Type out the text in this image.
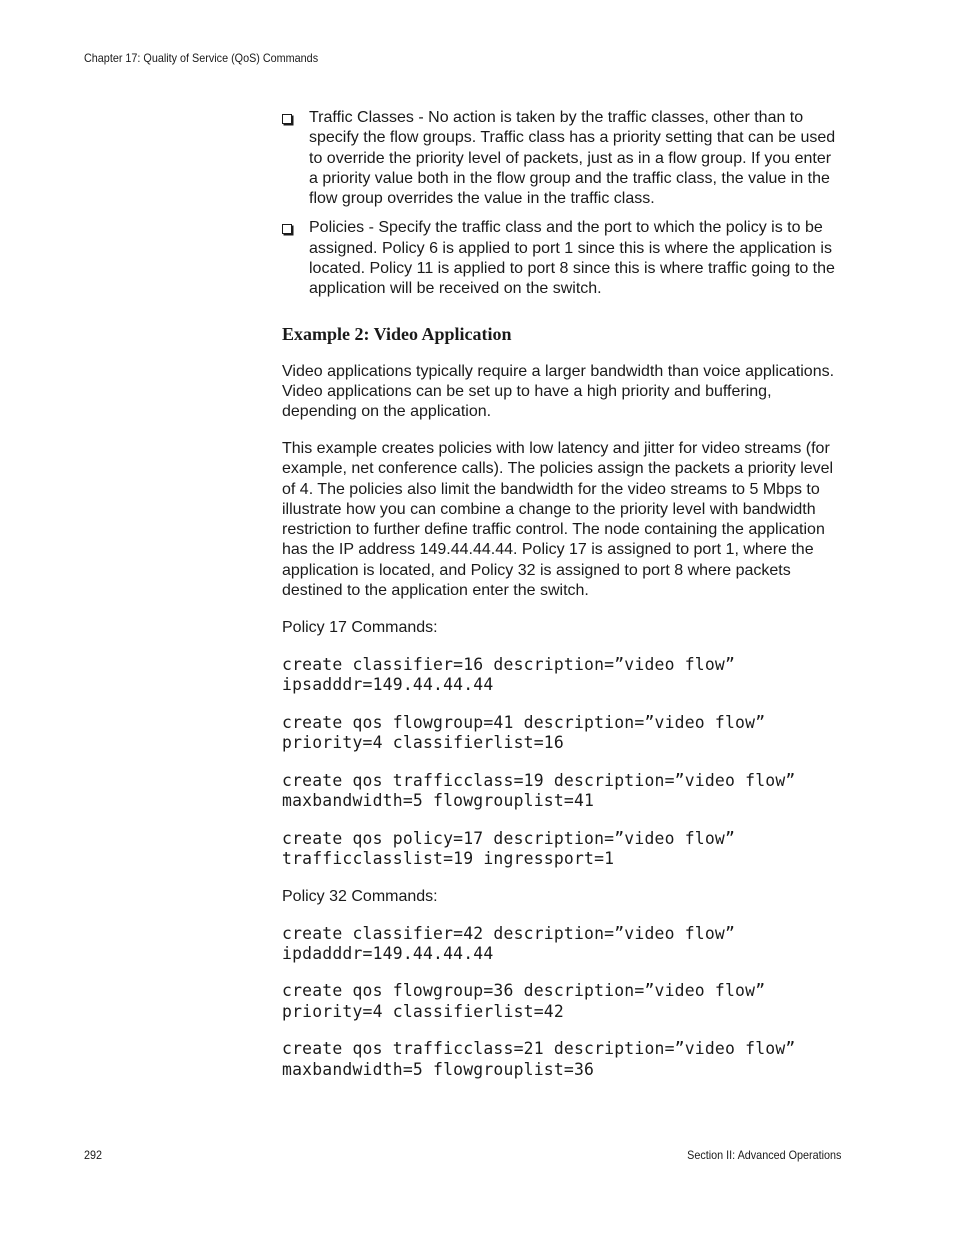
Chapter 17: Quality of Service (QoS) Commands
Traffic Classes - No action is taken by the traffic classes, other than to specify the flow groups. Traffic class has a priority setting that can be used to override the priority level of packets, just as in a flow group. If you enter a priority value both in the flow group and the traffic class, the value in the flow group overrides the value in the traffic class.
Policies - Specify the traffic class and the port to which the policy is to be assigned. Policy 6 is applied to port 1 since this is where the application is located. Policy 11 is applied to port 8 since this is where traffic going to the application will be received on the switch.
Example 2: Video Application

Video applications typically require a larger bandwidth than voice applications. Video applications can be set up to have a high priority and buffering, depending on the application.

This example creates policies with low latency and jitter for video streams (for example, net conference calls). The policies assign the packets a priority level of 4. The policies also limit the bandwidth for the video streams to 5 Mbps to illustrate how you can combine a change to the priority level with bandwidth restriction to further define traffic control. The node containing the application has the IP address 149.44.44.44. Policy 17 is assigned to port 1, where the application is located, and Policy 32 is assigned to port 8 where packets destined to the application enter the switch.

Policy 17 Commands:

create classifier=16 description=”video flow”
ipsadddr=149.44.44.44
create qos flowgroup=41 description=”video flow”
priority=4 classifierlist=16
create qos trafficclass=19 description=”video flow”
maxbandwidth=5 flowgrouplist=41
create qos policy=17 description=”video flow”
trafficclasslist=19 ingressport=1

Policy 32 Commands:

create classifier=42 description=”video flow”
ipdadddr=149.44.44.44
create qos flowgroup=36 description=”video flow”
priority=4 classifierlist=42
create qos trafficclass=21 description=”video flow”
maxbandwidth=5 flowgrouplist=36
292	Section II: Advanced Operations
